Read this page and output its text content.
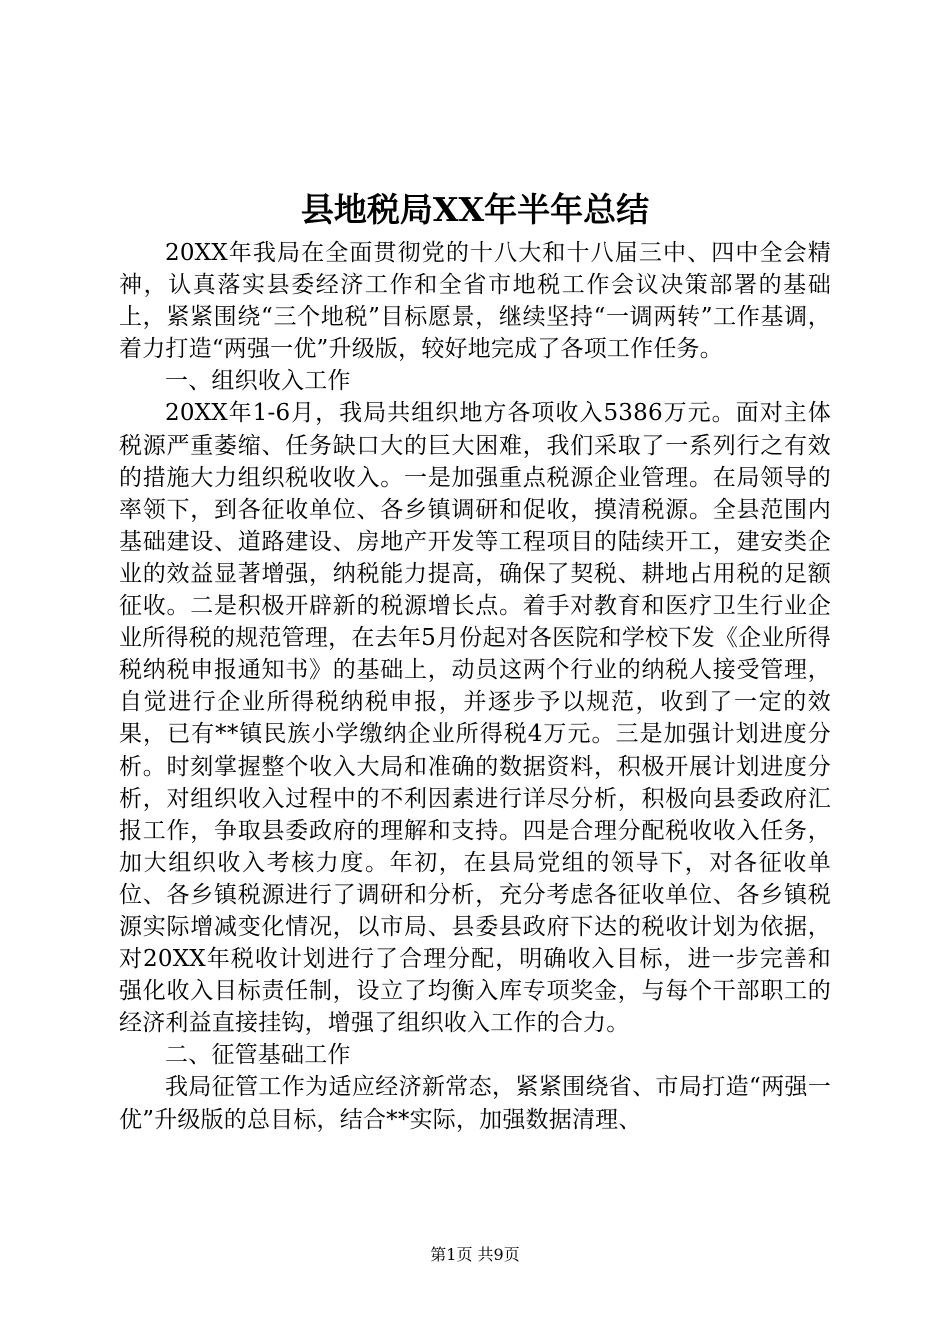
县地税局XX年半年总结

20XX年我局在全面贯彻党的十八大和十八届三中、四中全会精神，认真落实县委经济工作和全省市地税工作会议决策部署的基础上，紧紧围绕“三个地税”目标愿景，继续坚持“一调两转”工作基调，着力打造“两强一优”升级版，较好地完成了各项工作任务。

一、组织收入工作

20XX年1-6月，我局共组织地方各项收入5386万元。面对主体税源严重萎缩、任务缺口大的巨大困难，我们采取了一系列行之有效的措施大力组织税收收入。一是加强重点税源企业管理。在局领导的率领下，到各征收单位、各乡镇调研和促收，摸清税源。全县范围内基础建设、道路建设、房地产开发等工程项目的陆续开工，建安类企业的效益显著增强，纳税能力提高，确保了契税、耕地占用税的足额征收。二是积极开辟新的税源增长点。着手对教育和医疗卫生行业企业所得税的规范管理，在去年5月份起对各医院和学校下发《企业所得税纳税申报通知书》的基础上，动员这两个行业的纳税人接受管理，自觉进行企业所得税纳税申报，并逐步予以规范，收到了一定的效果，已有**镇民族小学缴纳企业所得税4万元。三是加强计划进度分析。时刻掌握整个收入大局和准确的数据资料，积极开展计划进度分析，对组织收入过程中的不利因素进行详尽分析，积极向县委政府汇报工作，争取县委政府的理解和支持。四是合理分配税收收入任务，加大组织收入考核力度。年初，在县局党组的领导下，对各征收单位、各乡镇税源进行了调研和分析，充分考虑各征收单位、各乡镇税源实际增减变化情况，以市局、县委县政府下达的税收计划为依据，对20XX年税收计划进行了合理分配，明确收入目标，进一步完善和强化收入目标责任制，设立了均衡入库专项奖金，与每个干部职工的经济利益直接挂钩，增强了组织收入工作的合力。

二、征管基础工作

我局征管工作为适应经济新常态，紧紧围绕省、市局打造“两强一优”升级版的总目标，结合**实际，加强数据清理、

第1页 共9页
